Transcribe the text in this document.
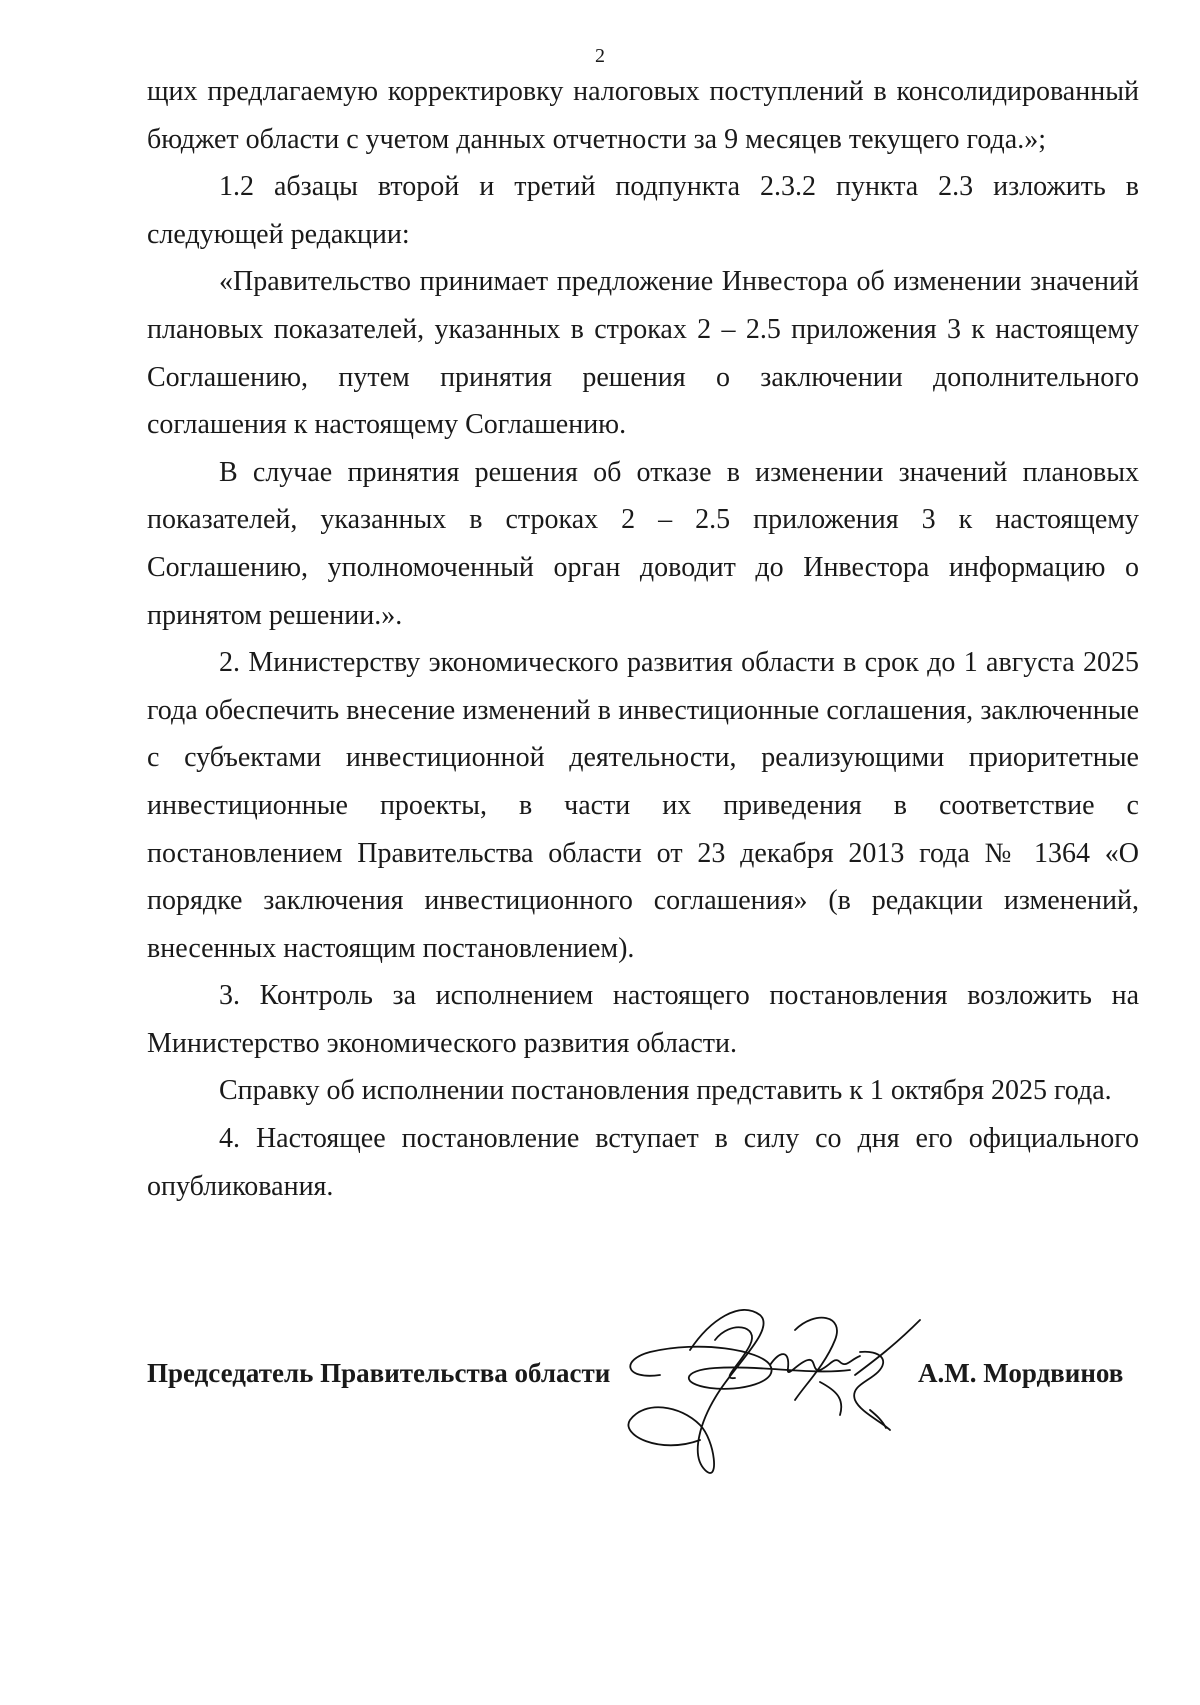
2

щих предлагаемую корректировку налоговых поступлений в консолидированный бюджет области с учетом данных отчетности за 9 месяцев текущего года.»;

1.2 абзацы второй и третий подпункта 2.3.2 пункта 2.3 изложить в следующей редакции:

«Правительство принимает предложение Инвестора об изменении значений плановых показателей, указанных в строках 2 – 2.5 приложения 3 к настоящему Соглашению, путем принятия решения о заключении дополнительного соглашения к настоящему Соглашению.

В случае принятия решения об отказе в изменении значений плановых показателей, указанных в строках 2 – 2.5 приложения 3 к настоящему Соглашению, уполномоченный орган доводит до Инвестора информацию о принятом решении.».

2. Министерству экономического развития области в срок до 1 августа 2025 года обеспечить внесение изменений в инвестиционные соглашения, заключенные с субъектами инвестиционной деятельности, реализующими приоритетные инвестиционные проекты, в части их приведения в соответствие с постановлением Правительства области от 23 декабря 2013 года № 1364 «О порядке заключения инвестиционного соглашения» (в редакции изменений, внесенных настоящим постановлением).

3. Контроль за исполнением настоящего постановления возложить на Министерство экономического развития области.

Справку об исполнении постановления представить к 1 октября 2025 года.

4. Настоящее постановление вступает в силу со дня его официального опубликования.

Председатель Правительства области	А.М. Мордвинов
